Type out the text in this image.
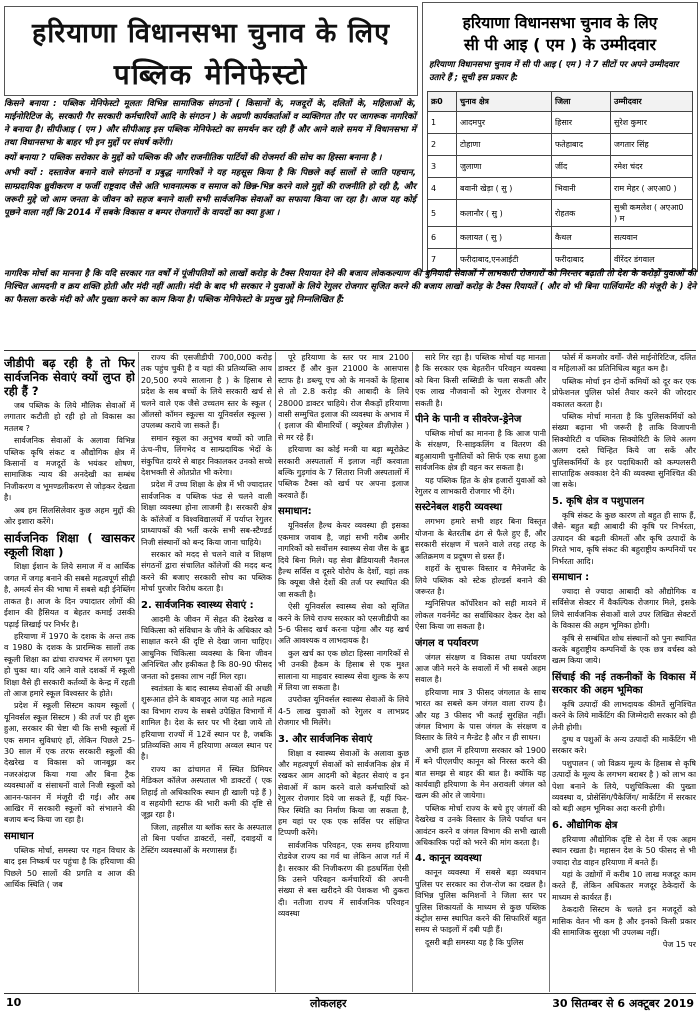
हरियाणा विधानसभा चुनाव के लिए
पब्लिक मेनिफेस्टो
हरियाणा विधानसभा चुनाव के लिए
सी पी आइ ( एम ) के उम्मीदवार
हरियाणा विधानसभा चुनाव में सी पी आइ ( एम ) ने 7 सीटों पर अपने उम्मीदवार उतारे हैं ; सूची इस प्रकार है:
क्र0	चुनाव क्षेत्र	जिला	उम्मीदवार
1	आदमपुर	हिसार	सुरेश कुमार
2	टोहाणा	फतेहाबाद	जगतार सिंह
3	जुलाणा	जींद	रमेश चंदर
4	बवानी खेड़ा ( सु )	भिवानी	राम मेहर ( अएआ0 )
5	कलानौर ( सु )	रोहतक	सुश्री कमलेश ( अएआ0 ) म
6	कलायत ( सु )	कैथल	सत्यवान
7	फरीदाबाद,एनआईटी	फरीदाबाद	वीरेंदर डंगवाल

किसने बनाया : पब्लिक मेनिफेस्टो मूलतः विभिन्न सामाजिक संगठनों ( किसानों के, मजदूरों के, दलितों के, महिलाओं के, माईनोरिटिज के, सरकारी गैर सरकारी कर्मचारियों आदि के संगठन ) के अग्रणी कार्यकर्ताओं व व्यक्तिगत तौर पर जागरूक नागरिकों ने बनाया है। सीपीआइ ( एम ) और सीपीआइ इस पब्लिक मेनिफेस्टो का समर्थन कर रही हैं और आने वाले समय में विधानसभा में तथा विधानसभा के बाहर भी इन मुद्दों पर संघर्ष करेंगी।

क्यों बनाया ? पब्लिक सरोकार के मुद्दों को पब्लिक की और राजनीतिक पार्टियों की रोजमर्रा की सोच का हिस्सा बनाना है ।

अभी क्यों : दस्तावेज बनाने वाले संगठनों व प्रबुद्ध नागरिकों ने यह महसूस किया है कि पिछले कई सालों से जाति पहचान, साम्प्रदायिक ध्रुवीकरण व फर्जी राष्ट्रवाद जैसे अति भावनात्मक व समाज को छिन्न-भिन्न करने वाले मुद्दों की राजनीति हो रही है, और जरूरी मुद्दे जो आम जनता के जीवन को सहज बनाने वाली सभी सार्वजनिक सेवाओं का सफाया किया जा रहा है। आज यह कोई पूछने वाला नहीं कि 2014 में सबके विकास व बम्पर रोजगारों के वायदों का क्या हुआ ।

नागरिक मोर्चा का मानना है कि यदि सरकार गत वर्षों में पूंजीपतियों को लाखों करोड़ के टैक्स रियायत देने की बजाय लोककल्याण की बुनियादी सेवाओं में लाभकारी रोजगारों को निरन्तर बढ़ाती तो देश के करोड़ों युवाओं की निश्चित आमदनी व क्रय शक्ति होती और मंदी नहीं आती। मंदी के बाद भी सरकार ने युवाओं के लिये रेगुलर रोजगार सृजित करने की बजाय लाखों करोड़ के टैक्स रियायतें ( और वो भी बिना पार्लियामेंट की मंजूरी के ) देने का फैसला करके मंदी को और पुख्ता करने का काम किया है। पब्लिक मेनिफेस्टो के प्रमुख मुद्दे निम्नलिखित हैं:

जीडीपी बढ़ रही है तो फिर सार्वजनिक सेवाएं क्यों लुप्त हो रही हैं ?

जब पब्लिक के लिये मौलिक सेवाओं में लगातार कटौती हो रही हो तो विकास का मतलब ?

सार्वजनिक सेवाओं के अलावा विभिन्न पब्लिक कृषि संकट व औद्योगिक क्षेत्र में किसानों व मजदूरों के भयंकर शोषण, सामाजिक न्याय की अनदेखी का सम्बंध निजीकरण व भूमण्डलीकरण से जोड़कर देखता है।

अब हम सिलसिलेवार कुछ अहम मुद्दों की ओर इशारा करेंगे।

सार्वजनिक शिक्षा ( खासकर स्कूली शिक्षा )

शिक्षा ईशान के लिये समाज में व आर्थिक जगत में जगह बनाने की सबसे महत्वपूर्ण सीढ़ी है, अमर्त्य सेन की भाषा में सबसे बड़ी ईनेब्लिंग ताकत है। आज के दिन ज्यादातर लोगों की ईशान की हैसियत व बेहतर कमाई उसकी पढ़ाई लिखाई पर निर्भर है।

हरियाणा में 1970 के दशक के अन्त तक व 1980 के दशक के प्रारम्भिक सालों तक स्कूली शिक्षा का ढांचा राज्यभर में लगभग पूरा हो चुका था। यदि आने वाले दशकों में स्कूली शिक्षा वैसे ही सरकारी कर्तव्यों के केन्द्र में रहती तो आज हमारे स्कूल विश्वस्तर के होते।

प्रदेश में स्कूली सिस्टम कायम स्कूलों ( यूनिवर्सल स्कूल सिस्टम ) की तर्ज पर ही शुरू हुआ, सरकार की चेष्टा थी कि सभी स्कूलों में एक समान सुविधाएं हों, लेकिन पिछले 25-30 साल में एक तरफ सरकारी स्कूलों की देखरेख व विकास को जानबूझ कर नजरअंदाज किया गया और बिना ट्रैक व्यवस्थाओं व संसाधनों वाले निजी स्कूलों को आनन-फानन में मंजूरी दी गई। और अब आखिर में सरकारी स्कूलों को संभालने की बजाय बन्द किया जा रहा है।

समाधान

पब्लिक मोर्चा, समस्या पर गहन विचार के बाद इस निष्कर्ष पर पहुंचा है कि हरियाणा की पिछले 50 सालों की प्रगति व आज की आर्थिक स्थिति ( जब

राज्य की एसजीडीपी 700,000 करोड़ तक पहुंच चुकी है व यहां की प्रतिव्यक्ति आय 20,500 रुपये सालाना है ) के हिसाब से प्रदेश के सब बच्चों के लिये सरकारी खर्च से चलने वाले एक जैसे उच्चतम स्तर के स्कूल ( ऑलसो कॉमन स्कूल्स या यूनिवर्सल स्कूल्स ) उपलब्ध कराये जा सकते हैं।

समान स्कूल का अनुभव बच्चों को जाति ऊंच-नीच, लिंगभेद व साम्प्रदायिक भेदों के संकुचित दायरे से बाहर निकालकर उनको सच्चे देशभक्ती से ओतप्रोत भी करेगा।

प्रदेश में उच्च शिक्षा के क्षेत्र में भी ज्यादातर सार्वजनिक व पब्लिक फंड से चलने वाली शिक्षा व्यवस्था होना लाजमी है। सरकारी क्षेत्र के कॉलेजों व विश्वविद्यालयों में पर्याप्त रेगुलर प्राध्यापकों की भर्ती करके सभी सब-स्टैण्डर्ड निजी संस्थानों को बन्द किया जाना चाहिये।

सरकार को मदद से चलने वाले व शिक्षण संगठनों द्वारा संचालित कॉलेजों की मदद बन्द करने की बजाए सरकारी सोच का पब्लिक मोर्चा पुरजोर विरोध करता है।

2. सार्वजनिक स्वास्थ्य सेवाएं :

आदमी के जीवन में सेहत की देखरेख व चिकित्सा को संविधान के जीने के अधिकार को साक्षात करने की दृष्टि से देखा जाना चाहिए। आधुनिक चिकित्सा व्यवस्था के बिना जीवन अनिश्चित और हकीकत है कि 80-90 फीसद जनता को इसका लाभ नहीं मिल रहा।

स्वतंत्रता के बाद स्वास्थ्य सेवाओं की अच्छी शुरूआत होने के बावजूद आज यह आते महत्व का विभाग राज्य के सबसे उपेक्षित विभागों में शामिल है। देश के स्तर पर भी देखा जाये तो हरियाणा राज्यों में 12वें स्थान पर है, जबकि प्रतिव्यक्ति आय में हरियाणा अव्वल स्थान पर है।

राज्य का ढांचागत में स्थित प्रिमियर मेडिकल कॉलेज अस्पताल भी डाक्टरों ( एक तिहाई तो अधिकारिक स्थान ही खाली पड़े हैं ) व सहयोगी स्टाफ की भारी कमी की दृष्टि से जूझ रहा है।

जिला, तहसील या ब्लॉक स्तर के अस्पताल तो बिना पर्याप्त डाक्टरों, नर्सों, दवाइयों व टेस्टिंग व्यवस्थाओं के मरणासन्न हैं।

पूरे हरियाणा के स्तर पर मात्र 2100 डाक्टर हैं और कुल 21000 के आसपास स्टाफ है। डब्ल्यू एच ओ के मानकों के हिसाब से तो 2.8 करोड़ की आबादी के लिये 28000 डाक्टर चाहिये। रोज सैकड़ों हरियाणा वासी सम्मुचित इलाज की व्यवस्था के अभाव में ( इलाज की बीमारियों ( क्यूरेबल डीज़ीज़ेस ) से मर रहे हैं।

हरियाणा का कोई मन्त्री या बड़ा ब्यूरोक्रेट सरकारी अस्पतालों में इलाज नहीं करवाता बल्कि गुड़गांव के 7 सितारा निजी अस्पतालों में पब्लिक टैक्स को खर्च पर अपना इलाज करवाते हैं।

समाधान:

यूनिवर्सल हैल्थ केयर व्यवस्था ही इसका एकमात्र जवाब है, जहां सभी गरीब अमीर नागरिकों को सर्वोत्तम स्वास्थ्य सेवा जैस के ब्रुड दिये बिना मिले। यह सेवा ब्रैडियायली नैशनल हैल्थ सर्विस व दूसरे योरोप के देशों, यहां तक कि क्यूबा जैसे देशों की तर्ज पर स्थापित की जा सकती है।

ऐसी यूनिवर्सल स्वास्थ्य सेवा को सृजित करने के लिये राज्य सरकार को एसजीडीपी का 5-6 फीसद खर्च करना पड़ेगा और यह खर्च अति आवश्यक व लाभदायक है।

कुल खर्च का एक छोटा हिस्सा नागरिकों से भी उनकी हैकम के हिसाब से एक मुश्त सालाना या माहवार स्वास्थ्य सेवा शुल्क के रूप में लिया जा सकता है।

उपरोक्त यूनिवर्सल स्वास्थ्य सेवाओं के लिये 4-5 लाख युवाओं को रेगुलर व लाभप्रद रोजगार भी मिलेंगे।

3. और सार्वजनिक सेवाएं

शिक्षा व स्वास्थ्य सेवाओं के अलावा कुछ और महत्वपूर्ण सेवाओं को सार्वजनिक क्षेत्र में रखकर आम आदमी को बेहतर सेवाएं व इन सेवाओं में काम करने वाले कर्मचारियों को रेगुलर रोजगार दिये जा सकते हैं, यहीं फिर-फिर स्थिति का निर्माण किया जा सकता है, हम यहां पर एक एक सर्विस पर संक्षिप्त टिप्पणी करेंगे।

सार्वजनिक परिवहन, एक समय हरियाणा रोडवेज राज्य का गर्व था लेकिन आज गर्त में है। सरकार की निजीकरण की हठधर्मिता ऐसी कि उसने परिवहन कर्मचारियों की अपनी संख्या से बस खरीदने की पेशकश भी ठुकरा दी। नतीजा राज्य में सार्वजनिक परिवहन व्यवस्था

सारे गिर रहा है। पब्लिक मोर्चा यह मानता है कि सरकार एक बेहतरीन परिवहन व्यवस्था को बिना किसी सब्सिडी के चला सकती और एक लाख नौजवानों को रेगुलर रोजगार दे सकती है।

पीने के पानी व सीवरेज-ड्रेनेज

पब्लिक मोर्चा का मानना है कि आज पानी के संरक्षण, रि-साइकलिंग व वितरण की बहुआयामी चुनौतियों को सिर्फ एक सधा हुआ सार्वजनिक क्षेत्र ही वहन कर सकता है।

यह पब्लिक हित के क्षेत्र हजारों युवाओं को रेगुलर व लाभकारी रोजगार भी देंगे।

सस्टेनेबल शहरी व्यवस्था

लगभग हमारे सभी शहर बिना विस्तृत योजना के बेतरतीब ढंग से फैले हुए हैं, और सरकारी संरक्षण में चलने वाले तरह तरह के अतिक्रमण व प्रदूषण से ग्रस्त हैं।

शहरों के सुचारू विस्तार व मैनेजमेंट के लिये पब्लिक को स्टेक होल्डर्स बनाने की जरूरत है।

म्युनिसिपल कॉर्पोरेशन को सही मायने में लोकल गवर्नमेंट का सर्वाधिकार देकर देश को ऐसा किया जा सकता है।

जंगल व पर्यावरण

जंगल संरक्षण व विकास तथा पर्यावरण आज जीने मरने के सवालों में भी सबसे अहम सवाल है।

हरियाणा मात्र 3 फीसद जंगलात के साथ भारत का सबसे कम जंगल वाला राज्य है। और यह 3 फीसद भी कतई सुरक्षित नहीं। जंगल विभाग के पास जंगल के संरक्षण व विस्तार के लिये न मैन्डेट है और न ही साधन।

अभी हाल में हरियाणा सरकार को 1900 में बने पीएलपीए कानून को निरस्त करने की बात समझ से बाहर की बात है। क्योंकि यह कार्यवाही हरियाणा के मेन अरावली जंगल को खत्म की ओर ले जायेगा।

पब्लिक मोर्चा राज्य के बचे हुए जंगलों की देखरेख व उनके विस्तार के लिये पर्याप्त धन आवंटन करने व जंगल विभाग की सभी खाली अधिकारिक पदों को भरने की मांग करता है।

4. कानून व्यवस्था

कानून व्यवस्था में सबसे बड़ा व्यवधान पुलिस पर सरकार का रोज-रोज का दखल है। विभिन्न पुलिस कमिशनों ने जिला स्तर पर पुलिस शिकायतों के माध्यम से कुछ पब्लिक कंट्रोल सम्स स्थापित करने की सिफारिशें बहुत समय से फाइलों में दबी पड़ी हैं।

दूसरी बड़ी समस्या यह है कि पुलिस

फोर्स में कमजोर वर्गों- जैसे माईनोरिटिज, दलित व महिलाओं का प्रतिनिधित्व बहुत कम है।

पब्लिक मोर्चा इन दोनों कमियों को दूर कर एक प्रोफेशनल पुलिस फोर्स तैयार करने की जोरदार वकालत करता है।

पब्लिक मोर्चा मानता है कि पुलिसकर्मियों को संख्या बढ़ाना भी जरूरी है ताकि विजापनी सिक्योरिटी व पब्लिक सिक्योरिटी के लिये अलग अलग दस्ते चिन्हित किये जा सकें और पुलिसकर्मियों के हर पदाधिकारी को कम्पलसरी साप्ताहिक अवकाश देने की व्यवस्था सुनिश्चित की जा सके।

5. कृषि क्षेत्र व पशुपालन

कृषि संकट के कुछ कारण तो बहुत ही साफ हैं, जैसे- बहुत बड़ी आबादी की कृषि पर निर्भरता, उत्पादन की बढ़ती कीमतों और कृषि उत्पादों के गिरते भाव, कृषि संकट की बहुराष्ट्रीय कम्पनियों पर निर्भरता आदि।

समाधान :

ज्यादा से ज्यादा आबादी को औद्योगिक व सर्विसेज सेक्टर में वैकल्पिक रोजगार मिले, इसके लिये सार्वजनिक सेवाओं वाले उपर लिखित सेक्टरों के विकास की अहम भूमिका होगी।

कृषि से सम्बंधित शोध संस्थानों को पुनः स्थापित करके बहुराष्ट्रीय कम्पनियों के एक छत्र वर्चस्व को खत्म किया जाये।

सिंचाई की नई तकनीकों के विकास में सरकार की अहम भूमिका

कृषि उत्पादों की लाभदायक कीमतें सुनिश्चित करने के लिये मार्केटिंग की जिम्मेदारी सरकार को ही लेनी होगी।

दुग्ध व पशुओं के अन्य उत्पादों की मार्केटिंग भी सरकार करे।

पशुपालन ( जो विक्रय मूल्य के हिसाब से कृषि उत्पादों के मूल्य के लगभग बराबर है ) को लाभ का पेशा बनाने के लिये, पशुचिकित्सा की पुख्ता व्यवस्था व, प्रोसेसिंग/पैकेजिंग/ मार्केटिंग में सरकार को बड़ी अहम भूमिका अदा करनी होगी।

6. औद्योगिक क्षेत्र

हरियाणा औद्योगिक दृष्टि से देश में एक अहम स्थान रखता है। महासन देश के 50 फीसद से भी ज्यादा रोड वाहन हरियाणा में बनते हैं।

यहां के उद्योगों में करीब 10 लाख मजदूर काम करते हैं, लेकिन अधिकतर मजदूर ठेकेदारों के माध्यम से कार्यरत हैं।

ठेकदारी सिस्टम के चलते इन मजदूरों को मासिक वेतन भी कम है और इनको किसी प्रकार की सामाजिक सुरक्षा भी उपलब्ध नहीं।

पेज 15 पर

10	लोकलहर	30 सितम्बर से 6 अक्टूबर 2019
